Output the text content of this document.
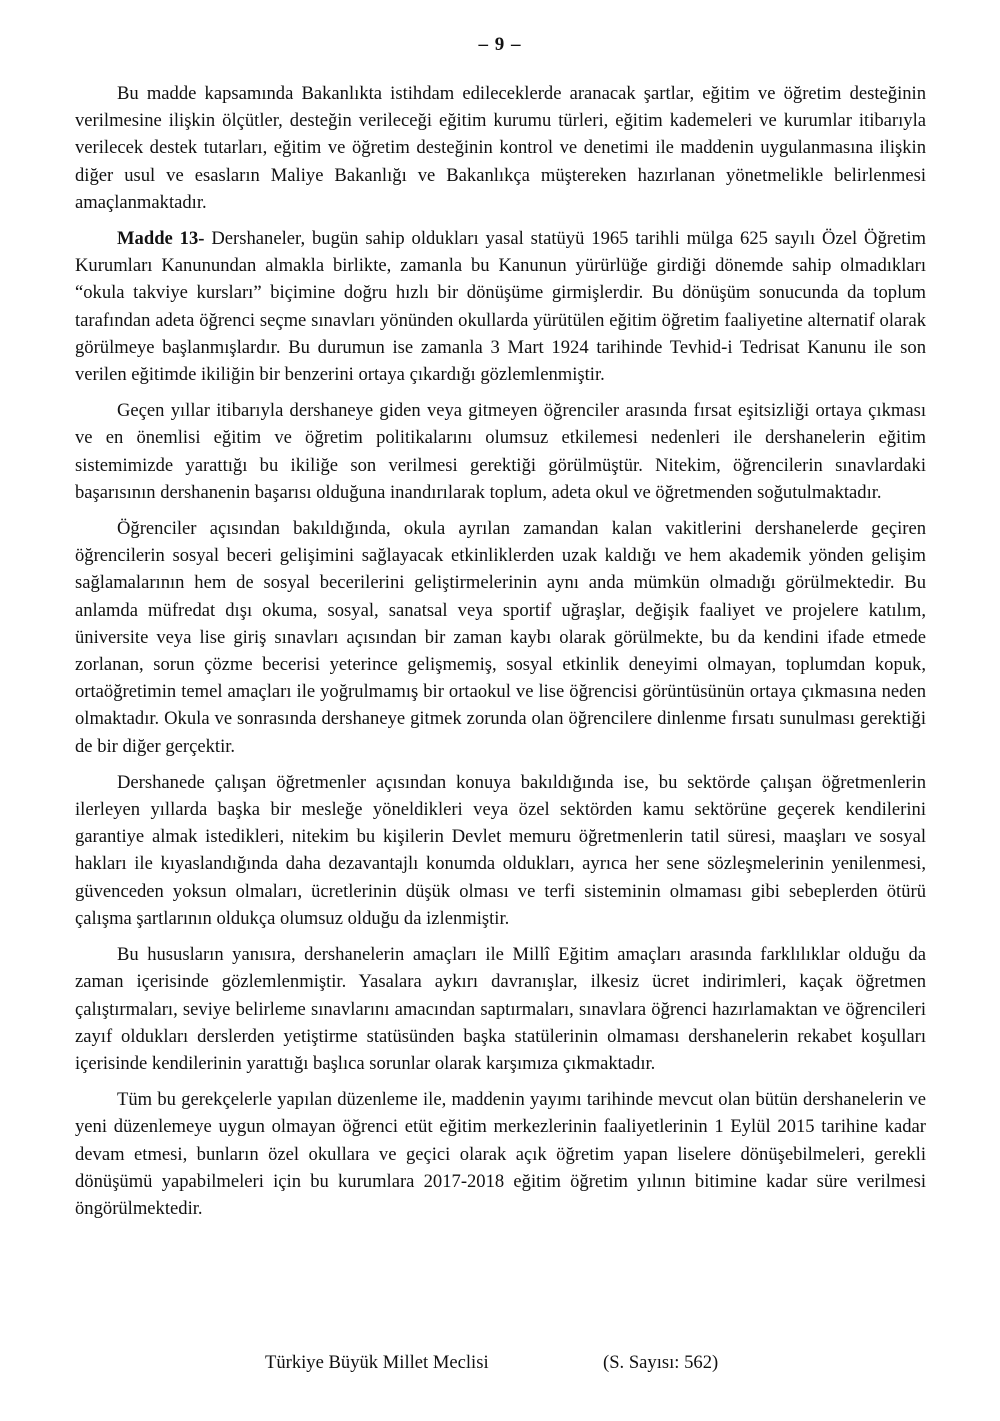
– 9 –

Bu madde kapsamında Bakanlıkta istihdam edileceklerde aranacak şartlar, eğitim ve öğretim desteğinin verilmesine ilişkin ölçütler, desteğin verileceği eğitim kurumu türleri, eğitim kademeleri ve kurumlar itibarıyla verilecek destek tutarları, eğitim ve öğretim desteğinin kontrol ve denetimi ile maddenin uygulanmasına ilişkin diğer usul ve esasların Maliye Bakanlığı ve Bakanlıkça müştereken hazırlanan yönetmelikle belirlenmesi amaçlanmaktadır.

Madde 13- Dershaneler, bugün sahip oldukları yasal statüyü 1965 tarihli mülga 625 sayılı Özel Öğretim Kurumları Kanunundan almakla birlikte, zamanla bu Kanunun yürürlüğe girdiği dönemde sahip olmadıkları “okula takviye kursları” biçimine doğru hızlı bir dönüşüme girmişlerdir. Bu dönüşüm sonucunda da toplum tarafından adeta öğrenci seçme sınavları yönünden okullarda yürütülen eğitim öğretim faaliyetine alternatif olarak görülmeye başlanmışlardır. Bu durumun ise zamanla 3 Mart 1924 tarihinde Tevhid-i Tedrisat Kanunu ile son verilen eğitimde ikiliğin bir benzerini ortaya çıkardığı gözlemlenmiştir.

Geçen yıllar itibarıyla dershaneye giden veya gitmeyen öğrenciler arasında fırsat eşitsizliği ortaya çıkması ve en önemlisi eğitim ve öğretim politikalarını olumsuz etkilemesi nedenleri ile dershanelerin eğitim sistemimizde yarattığı bu ikiliğe son verilmesi gerektiği görülmüştür. Nitekim, öğrencilerin sınavlardaki başarısının dershanenin başarısı olduğuna inandırılarak toplum, adeta okul ve öğretmenden soğutulmaktadır.

Öğrenciler açısından bakıldığında, okula ayrılan zamandan kalan vakitlerini dershanelerde geçiren öğrencilerin sosyal beceri gelişimini sağlayacak etkinliklerden uzak kaldığı ve hem akademik yönden gelişim sağlamalarının hem de sosyal becerilerini geliştirmelerinin aynı anda mümkün olmadığı görülmektedir. Bu anlamda müfredat dışı okuma, sosyal, sanatsal veya sportif uğraşlar, değişik faaliyet ve projelere katılım, üniversite veya lise giriş sınavları açısından bir zaman kaybı olarak görülmekte, bu da kendini ifade etmede zorlanan, sorun çözme becerisi yeterince gelişmemiş, sosyal etkinlik deneyimi olmayan, toplumdan kopuk, ortaöğretimin temel amaçları ile yoğrulmamış bir ortaokul ve lise öğrencisi görüntüsünün ortaya çıkmasına neden olmaktadır. Okula ve sonrasında dershaneye gitmek zorunda olan öğrencilere dinlenme fırsatı sunulması gerektiği de bir diğer gerçektir.

Dershanede çalışan öğretmenler açısından konuya bakıldığında ise, bu sektörde çalışan öğretmenlerin ilerleyen yıllarda başka bir mesleğe yöneldikleri veya özel sektörden kamu sektörüne geçerek kendilerini garantiye almak istedikleri, nitekim bu kişilerin Devlet memuru öğretmenlerin tatil süresi, maaşları ve sosyal hakları ile kıyaslandığında daha dezavantajlı konumda oldukları, ayrıca her sene sözleşmelerinin yenilenmesi, güvenceden yoksun olmaları, ücretlerinin düşük olması ve terfi sisteminin olmaması gibi sebeplerden ötürü çalışma şartlarının oldukça olumsuz olduğu da izlenmiştir.

Bu hususların yanısıra, dershanelerin amaçları ile Millî Eğitim amaçları arasında farklılıklar olduğu da zaman içerisinde gözlemlenmiştir. Yasalara aykırı davranışlar, ilkesiz ücret indirimleri, kaçak öğretmen çalıştırmaları, seviye belirleme sınavlarını amacından saptırmaları, sınavlara öğrenci hazırlamaktan ve öğrencileri zayıf oldukları derslerden yetiştirme statüsünden başka statülerinin olmaması dershanelerin rekabet koşulları içerisinde kendilerinin yarattığı başlıca sorunlar olarak karşımıza çıkmaktadır.

Tüm bu gerekçelerle yapılan düzenleme ile, maddenin yayımı tarihinde mevcut olan bütün dershanelerin ve yeni düzenlemeye uygun olmayan öğrenci etüt eğitim merkezlerinin faaliyetlerinin 1 Eylül 2015 tarihine kadar devam etmesi, bunların özel okullara ve geçici olarak açık öğretim yapan liselere dönüşebilmeleri, gerekli dönüşümü yapabilmeleri için bu kurumlara 2017-2018 eğitim öğretim yılının bitimine kadar süre verilmesi öngörülmektedir.

Türkiye Büyük Millet Meclisi	(S. Sayısı: 562)
